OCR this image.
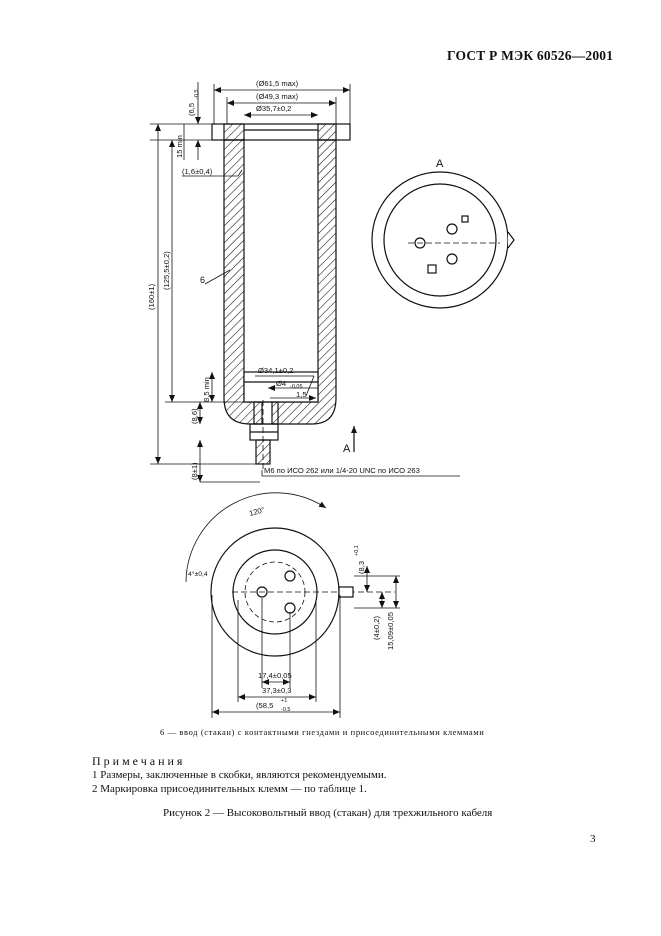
ГОСТ Р МЭК 60526—2001
(Ø61,5 max)
(Ø49,3 max)
Ø35,7±0,2
(6,5
-0,5
15 min
(1,6±0,4)
(160±1)
(125,5±0,2)	6
Ø34,1±0,2
Ø4 -0,05
1,5
8,5 min
(8,6)
(8±1)	M6 по ИСО 262 или 1/4-20 UNC по ИСО 263
A
A
120°
4°±0,4
(8,3
+0,1
(4±0,2) 15,09±0,05
17,4±0,05
37,3±0,3
(58,5 +1
-0,5
6 — ввод (стакан) с контактными гнездами и присоединительными клеммами
Примечания
1 Размеры, заключенные в скобки, являются рекомендуемыми.
2 Маркировка присоединительных клемм — по таблице 1.
Рисунок 2 — Высоковольтный ввод (стакан) для трехжильного кабеля
3
